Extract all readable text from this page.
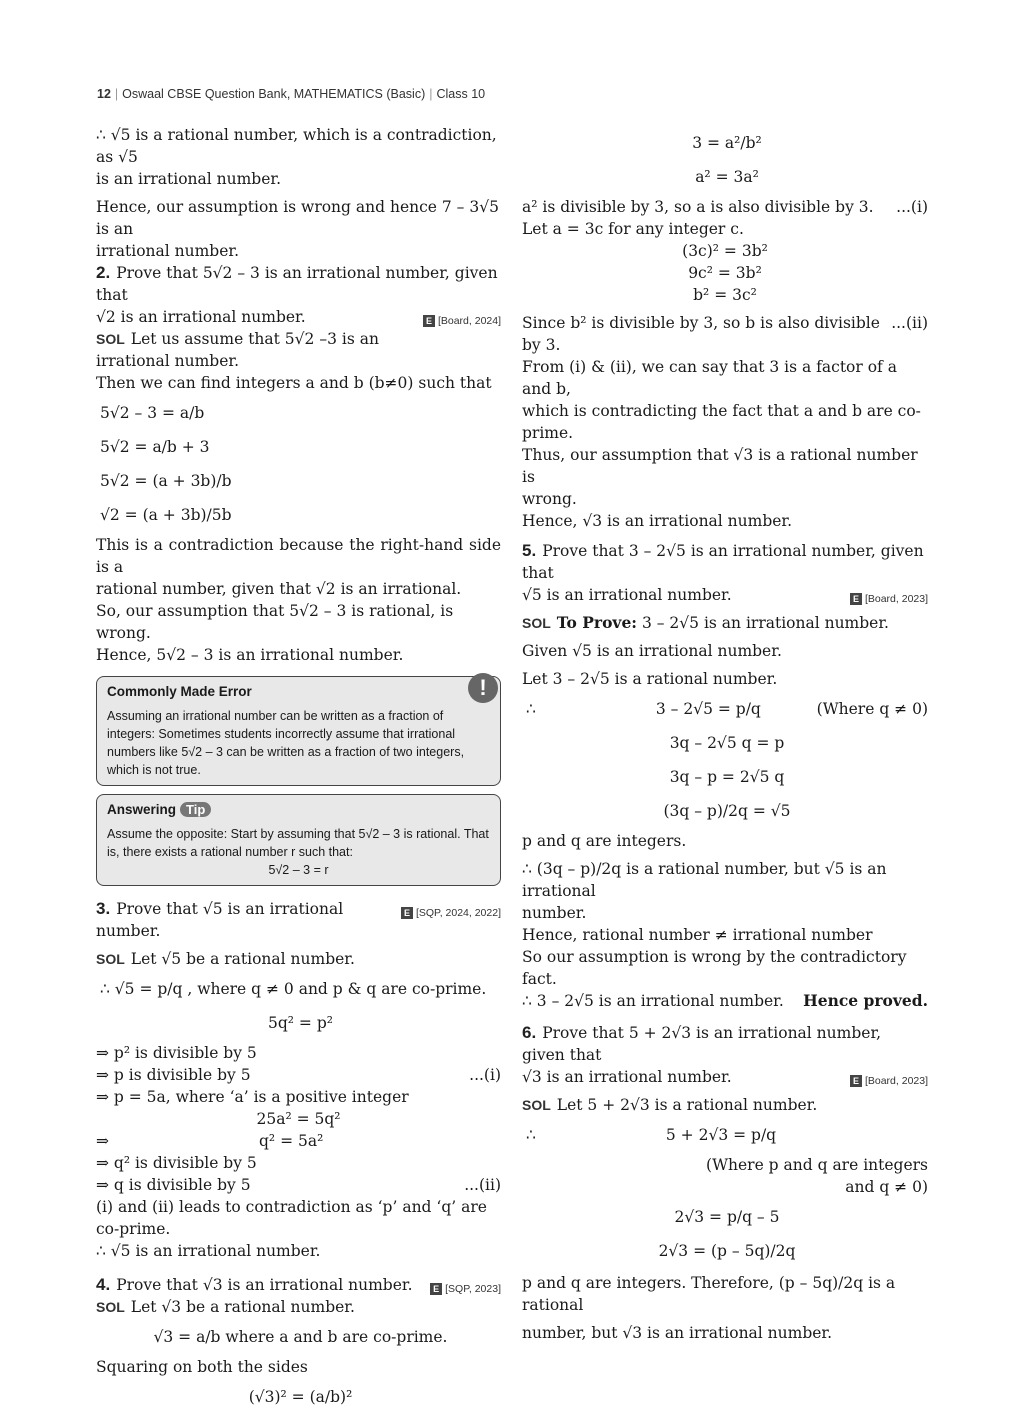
12 | Oswaal CBSE Question Bank, MATHEMATICS (Basic) | Class 10

∴ √5 is a rational number, which is a contradiction, as √5

is an irrational number.

Hence, our assumption is wrong and hence 7 – 3√5 is an

irrational number.

2. Prove that 5√2 – 3 is an irrational number, given that

E [Board, 2024]
√2 is an irrational number.

SOL Let us assume that 5√2 –3 is an irrational number.

Then we can find integers a and b (b≠0) such that

5√2 – 3 = a/b

5√2 = a/b + 3

5√2 = (a + 3b)/b

√2 = (a + 3b)/5b

This is a contradiction because the right-hand side is a

rational number, given that √2 is an irrational.

So, our assumption that 5√2 – 3 is rational, is wrong.

Hence, 5√2 – 3 is an irrational number.

!
Commonly Made Error
Assuming an irrational number can be written as a fraction of
integers: Sometimes students incorrectly assume that irrational
numbers like 5√2 – 3 can be written as a fraction of two integers,
which is not true.
Answering Tip
Assume the opposite: Start by assuming that 5√2 – 3 is rational. That
is, there exists a rational number r such that:
5√2 – 3 = r

E [SQP, 2024, 2022]
3. Prove that √5 is an irrational number.

SOL Let √5 be a rational number.

∴ √5 = p/q , where q ≠ 0 and p & q are co-prime.

5q² = p²

⇒ p² is divisible by 5

...(i)
⇒ p is divisible by 5

⇒ p = 5a, where ‘a’ is a positive integer

25a² = 5q²

⇒	q² = 5a²

⇒ q² is divisible by 5

...(ii)
⇒ q is divisible by 5

(i) and (ii) leads to contradiction as ‘p’ and ‘q’ are co-prime.

∴ √5 is an irrational number.

E [SQP, 2023]
4. Prove that √3 is an irrational number.

SOL Let √3 be a rational number.

√3 = a/b where a and b are co-prime.

Squaring on both the sides

(√3)² = (a/b)²

3 = a²/b²

a² = 3a²

...(i)
a² is divisible by 3, so a is also divisible by 3.

Let a = 3c for any integer c.

(3c)² = 3b²

9c² = 3b²

b² = 3c²

...(ii)
Since b² is divisible by 3, so b is also divisible by 3.

From (i) & (ii), we can say that 3 is a factor of a and b,

which is contradicting the fact that a and b are co-prime.

Thus, our assumption that √3 is a rational number is

wrong.

Hence, √3 is an irrational number.

5. Prove that 3 – 2√5 is an irrational number, given that

E [Board, 2023]
√5 is an irrational number.

SOL To Prove: 3 – 2√5 is an irrational number.

Given √5 is an irrational number.

Let 3 – 2√5 is a rational number.

∴	3 – 2√5 = p/q	(Where q ≠ 0)

3q – 2√5 q = p

3q – p = 2√5 q

(3q – p)/2q = √5

p and q are integers.

∴ (3q – p)/2q is a rational number, but √5 is an irrational

number.

Hence, rational number ≠ irrational number

So our assumption is wrong by the contradictory fact.

Hence proved.
∴ 3 – 2√5 is an irrational number.

6. Prove that 5 + 2√3 is an irrational number, given that

E [Board, 2023]
√3 is an irrational number.

SOL Let 5 + 2√3 is a rational number.

∴	5 + 2√3 = p/q

(Where p and q are integers

and q ≠ 0)

2√3 = p/q – 5

2√3 = (p – 5q)/2q

p and q are integers. Therefore, (p – 5q)/2q is a rational

number, but √3 is an irrational number.
